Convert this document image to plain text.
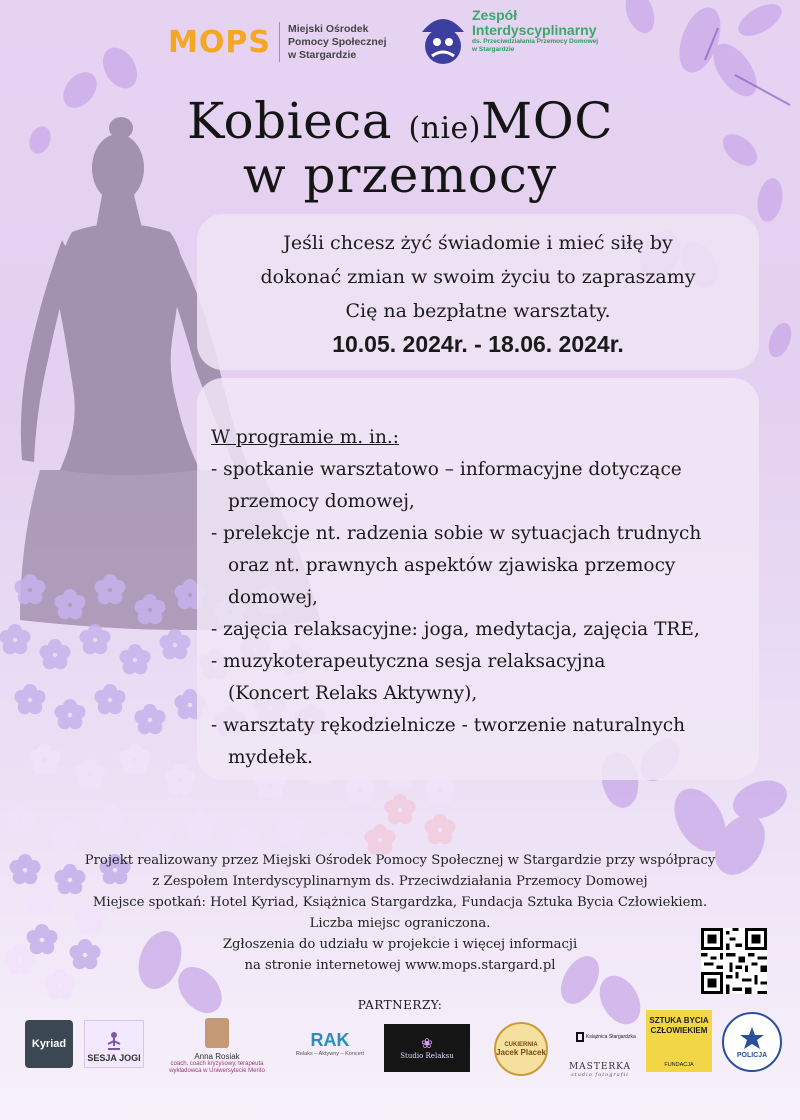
MOPS Miejski Ośrodek
Pomocy Społecznej
w Stargardzie
Zespół
Interdyscyplinarny
ds. Przeciwdziałania Przemocy Domowej
w Stargardzie
Kobieca (nie)MOC
w przemocy
Jeśli chcesz żyć świadomie i mieć siłę by
dokonać zmian w swoim życiu to zapraszamy
Cię na bezpłatne warsztaty.
10.05. 2024r. - 18.06. 2024r.
W programie m. in.:
- spotkanie warsztatowo – informacyjne dotyczące
przemocy domowej,
- prelekcje nt. radzenia sobie w sytuacjach trudnych
oraz nt. prawnych aspektów zjawiska przemocy
domowej,
- zajęcia relaksacyjne: joga, medytacja, zajęcia TRE,
- muzykoterapeutyczna sesja relaksacyjna
(Koncert Relaks Aktywny),
- warsztaty rękodzielnicze - tworzenie naturalnych
mydełek.
Projekt realizowany przez Miejski Ośrodek Pomocy Społecznej w Stargardzie przy współpracy
z Zespołem Interdyscyplinarnym ds. Przeciwdziałania Przemocy Domowej
Miejsce spotkań: Hotel Kyriad, Książnica Stargardzka, Fundacja Sztuka Bycia Człowiekiem.
Liczba miejsc ograniczona.
Zgłoszenia do udziału w projekcie i więcej informacji
na stronie internetowej www.mops.stargard.pl
PARTNERZY:
Kyriad
SESJA JOGI	Anna Rosiak
coach, coach kryzysowy, terapeuta
wykładowca w Uniwersytecie Merito
RAK
Relaks – Aktywny – Koncert
❀
Studio Relaksu
CUKIERNIA
Jacek Placek
Książnica Stargardzka
MASTERKA
studio fotografii
SZTUKA BYCIA CZŁOWIEKIEM
FUNDACJA
POLICJA
